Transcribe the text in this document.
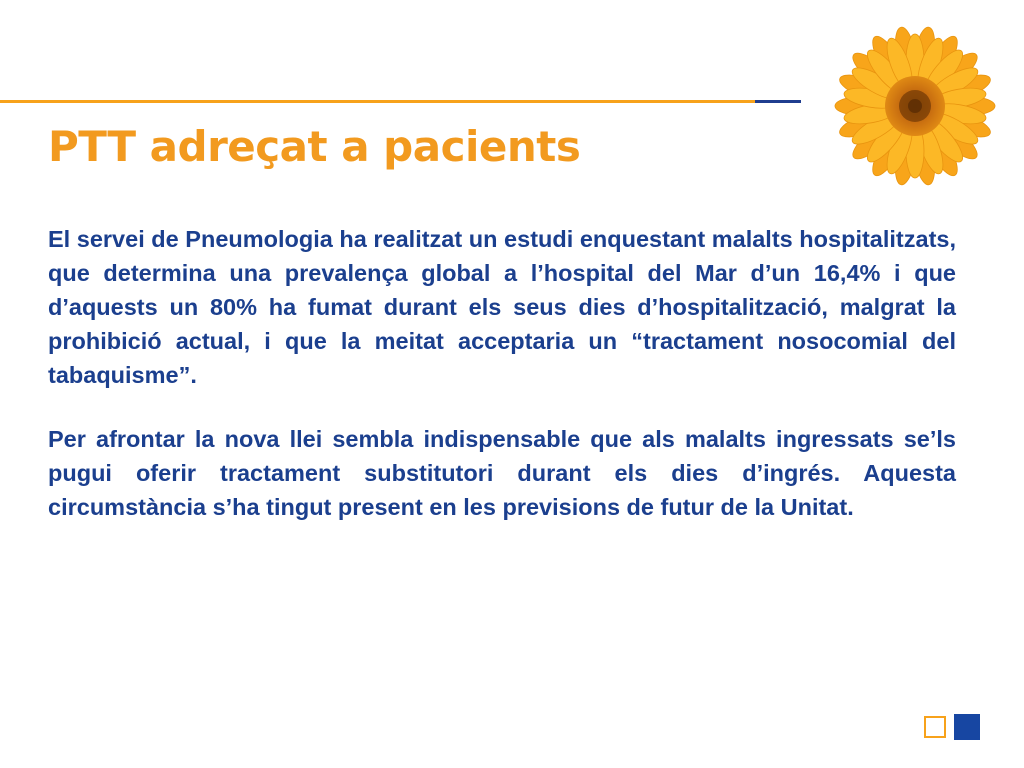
PTT adreçat a pacients

El servei de Pneumologia ha realitzat un estudi enquestant malalts hospitalitzats, que determina una prevalença global a l’hospital del Mar d’un 16,4% i que d’aquests un 80% ha fumat durant els seus dies d’hospitalització, malgrat la prohibició actual, i que la meitat acceptaria un “tractament nosocomial del tabaquisme”.

Per afrontar la nova llei sembla indispensable que als malalts ingressats se’ls pugui oferir tractament substitutori durant els dies d’ingrés. Aquesta circumstància s’ha tingut present en les previsions de futur de la Unitat.
